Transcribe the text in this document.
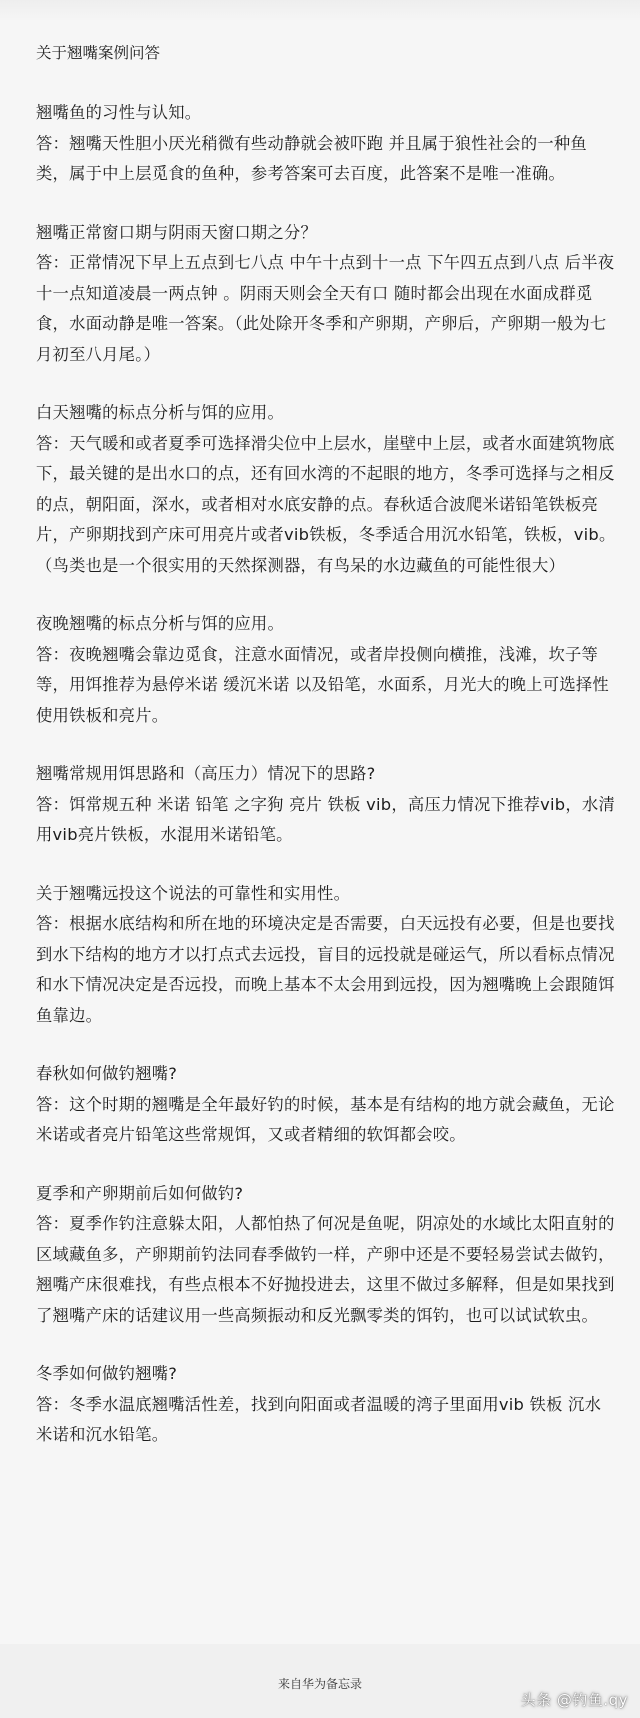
关于翘嘴案例问答

翘嘴鱼的习性与认知。

答：翘嘴天性胆小厌光稍微有些动静就会被吓跑 并且属于狼性社会的一种鱼类，属于中上层觅食的鱼种，参考答案可去百度，此答案不是唯一准确。

翘嘴正常窗口期与阴雨天窗口期之分？

答：正常情况下早上五点到七八点 中午十点到十一点 下午四五点到八点 后半夜十一点知道凌晨一两点钟 。阴雨天则会全天有口 随时都会出现在水面成群觅食，水面动静是唯一答案。（此处除开冬季和产卵期，产卵后，产卵期一般为七月初至八月尾。）

白天翘嘴的标点分析与饵的应用。

答：天气暖和或者夏季可选择滑尖位中上层水，崖壁中上层，或者水面建筑物底下，最关键的是出水口的点，还有回水湾的不起眼的地方，冬季可选择与之相反的点，朝阳面，深水，或者相对水底安静的点。春秋适合波爬米诺铅笔铁板亮片，产卵期找到产床可用亮片或者vib铁板，冬季适合用沉水铅笔，铁板，vib。（鸟类也是一个很实用的天然探测器，有鸟呆的水边藏鱼的可能性很大）

夜晚翘嘴的标点分析与饵的应用。

答：夜晚翘嘴会靠边觅食，注意水面情况，或者岸投侧向横推，浅滩，坎子等等，用饵推荐为悬停米诺 缓沉米诺 以及铅笔，水面系，月光大的晚上可选择性使用铁板和亮片。

翘嘴常规用饵思路和（高压力）情况下的思路?

答：饵常规五种 米诺 铅笔 之字狗 亮片 铁板 vib，高压力情况下推荐vib，水清用vib亮片铁板，水混用米诺铅笔。

关于翘嘴远投这个说法的可靠性和实用性。

答：根据水底结构和所在地的环境决定是否需要，白天远投有必要，但是也要找到水下结构的地方才以打点式去远投，盲目的远投就是碰运气，所以看标点情况和水下情况决定是否远投，而晚上基本不太会用到远投，因为翘嘴晚上会跟随饵鱼靠边。

春秋如何做钓翘嘴?

答：这个时期的翘嘴是全年最好钓的时候，基本是有结构的地方就会藏鱼，无论米诺或者亮片铅笔这些常规饵，又或者精细的软饵都会咬。

夏季和产卵期前后如何做钓?

答：夏季作钓注意躲太阳，人都怕热了何况是鱼呢，阴凉处的水域比太阳直射的区域藏鱼多，产卵期前钓法同春季做钓一样，产卵中还是不要轻易尝试去做钓，翘嘴产床很难找，有些点根本不好抛投进去，这里不做过多解释，但是如果找到了翘嘴产床的话建议用一些高频振动和反光飘零类的饵钓，也可以试试软虫。

冬季如何做钓翘嘴?

答：冬季水温底翘嘴活性差，找到向阳面或者温暖的湾子里面用vib 铁板 沉水米诺和沉水铅笔。

来自华为备忘录
头条 @钓鱼.qy
